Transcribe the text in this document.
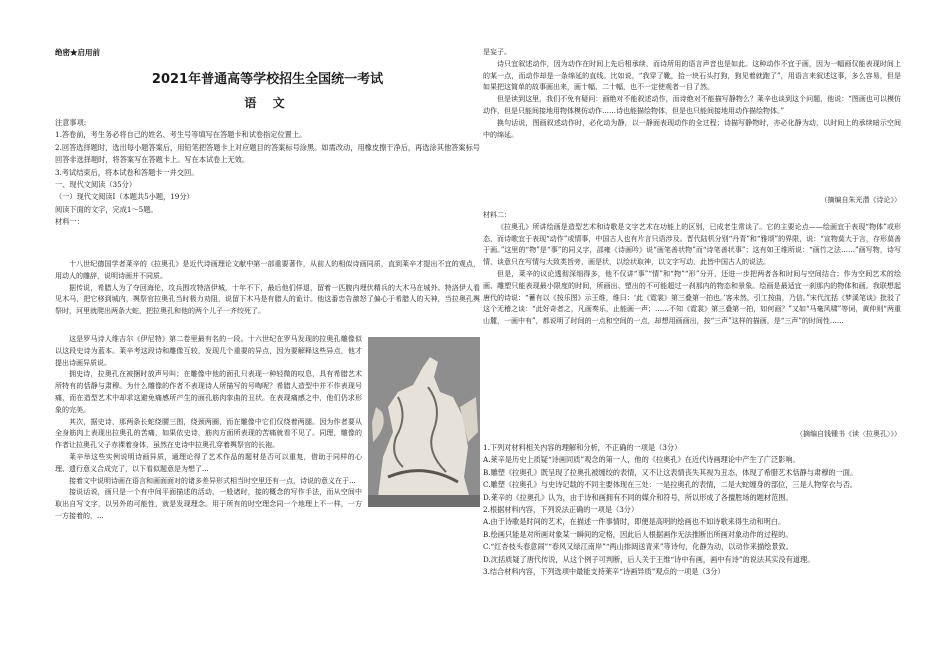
绝密★启用前
2021年普通高等学校招生全国统一考试
语 文

注意事项:

1.答卷前，考生务必将自己的姓名、考生号等填写在答题卡和试卷指定位置上。

2.回答选择题时，选出每小题答案后，用铅笔把答题卡上对应题目的答案标号涂黑。如需改动，用橡皮擦干净后，再选涂其他答案标号回答非选择题时，将答案写在答题卡上。写在本试卷上无效。

3.考试结束后，将本试卷和答题卡一并交回。

一、现代文阅读（35分）

（一）现代文阅读Ⅰ（本题共5小题，19分）

阅读下面的文字，完成1～5题。

材料一：

十八世纪德国学者莱辛的《拉奥孔》是近代诗画理论文献中第一部重要著作，从前人的相似诗画同质，直到莱辛才提出不宜的观点，用动人的雕辞，说明诗画并不同质。

据传说，希腊人为了夺回海伦，攻兵围攻特洛伊城，十年不下，最后他们佯退，留着一匹腹内埋伏精兵的大木马在城外。特洛伊人看见木马，把它移到城内，舆祭官拉奥孔当时极力劝阻，说留下木马是有腊人的诡计。他这番忠告激怒了偏心于希腊人的天神，当拉奥孔舆祭时，河里就爬出两条大蛇，把拉奥孔和他的两个儿子一齐绞死了。

这是罗马诗人维吉尔《伊尼特》第二卷里最有名的一段。十六世纪在罗马发现的拉奥孔雕像似以这段史诗为蓝本。莱辛考这段诗和雕像互较，发现几个重要的异点，因为要解释这些异点，他才提出诗画异质说。

拥史诗，拉奥孔在被捆时放声号叫；在雕像中他的面孔只表现一种轻微的叹息，具有希腊艺术所特有的恬静与肃穆。为什么雕像的作者不表现诗人所描写的号啕呢？希腊人造型中并不作表现号痛，而在造型艺术中却求这避免痛感所产生的面孔筋肉挛曲的丑状。在表现痛感之中，他们仍求形象的完美。

其次，据史诗，那两条长蛇绕腰三围，绕颈两圈，而在雕像中它们仅绕着两腿。因为作者要从全身筋肉上表现出拉奥孔的苦痛，如果依史诗，筋肉方面所表现的苦痛就看不见了。同理，雕像的作者让拉奥孔父子赤裸着身体，虽然在史诗中拉奥孔穿着舆祭官的长袍。

莱辛举这些实例说明诗画异质，通理论得了艺术作品的题材是否可以重复，借助于同样的心理、遗行意义合成完了，以下看似题意是为想了...

接着文中说明诗画在语言和画面面对的诸多差异形式相当时空里还有一点，诗说的意义在于...

接说话说，画只是一个有中间平面描述的活动，一般诸时，接的概念的写作手法，而从空间中取出自写文字，以另外的可能性，就是发现理念。用于所有的时空理念同一个地理上不一样，一方一方接着的，...

是妄子。

诗只宜叙述动作，因为动作在时间上先后相承续，而诗所用的语言声音也是如此。这种动作不宜于画，因为一幅画仅能表现时间上的某一点，而动作却是一条绵延的直线。比如说，“我穿了靴，拾一块石头打狗，狗见着就跑了”，用语言来叙述这事，多么容易，但是如果把这简单的故事画出来，画十幅、二十幅，也不一定使观者一目了然。

但是读到这里，我们不免有疑问：画绝对不能叙述动作，而诗绝对不能描写静物么？莱辛也谈到这个问题，他说：“图画也可以模仿动作，但是只能间接地用物体模仿动作……诗也能描绘物体，但是也只能间接地用动作描绘物体。”

换句话说，图画叙述动作时，必化动为静，以一静面表现动作的全过程；诗描写静物时，亦必化静为动，以时间上的承续暗示空间中的绵延。

（摘编自朱光潜《诗论》）

材料二：

《拉奥孔》所讲绘画是造型艺术和诗歌是文字艺术在功能上的区别，已成老生常谈了。它的主要论点——绘画宜于表现“物体”或形态，而诗歌宜于表现“动作”或情事，中国古人也有片言只语涉及。晋代陆机分别“丹青”和“雅颂”的界限，说：“宣物莫大于言，存形莫善于画。”这里的“物”是“事”的同义字，邵雍《诗画吟》说“画笔善状物”而“诗笔善状事”；这有如王维所说：“画竹之法……”画写物，诗写情，谈意只在写情与大致类旨旁，画是状，以绘状取神，以文字写动，此皆中国古人的说法。

但是，莱辛的议论透彻深细得多，他不仅讲“事”“情”和“物”“形”分开，还进一步把两者各和时间与空间结合；作为空间艺术的绘画、雕塑只能表现最小限度的时间，所画出、塑出的不可能超过一刹那内的物态和景象。绘画是最适宜一刹那内的物体和画。我联想起唐代的诗说：“蓄有以《按乐图》示王维，维曰：‘此《霓裳》第三叠第一拍也。’客未然，引工按曲，乃信。”宋代沈括《梦溪笔谈》批驳了这个无稽之谈：“此好奇者之，凡画奏乐，止能画一声；……不知《霓裳》第三叠第一拍，如何画？”又如“马毫风啸”等词，黄仲则“两重山麓，一画中有”，都说明了时间的一点和空间的一点，却想用画画出，按“三声”这样的描画，是“三声”的时间性……

（摘编自钱锺书《读〈拉奥孔〉》）

1.下列对材料相关内容的理解和分析，不正确的一项是（3分）

A.莱辛是历史上质疑“诗画同质”观念的第一人，他的《拉奥孔》在近代诗画理论中产生了广泛影响。

B.雕塑《拉奥孔》既呈现了拉奥孔被缠绞的表情，又不让这表情丧失其视为丑态，体现了希腊艺术恬静与肃穆的一面。

C.雕塑《拉奥孔》与史诗记载的不同主要体现在三处：一是拉奥孔的表情，二是大蛇缠身的部位，三是人物穿衣与否。

D.莱辛的《拉奥孔》认为，由于诗和画拥有不同的媒介和符号，所以形成了各擅胜场的题材范围。

2.根据材料内容，下列说法正确的一项是（3分）

A.由于诗歌是时间的艺术，在描述一件事情时，即便是高明的绘画也不如诗歌来得生动和明白。

B.绘画只能是对所画对象某一瞬间的定格，因此后人根据画作无法推断出所画对象动作的过程的。

C.“红杏枝头春意闹”“春风又绿江南岸”“两山排闼送青来”等诗句，化静为动，以动作来描绘景致。

D.沈括质疑了唐代传说，从这个例子可判断，后人关于王维“诗中有画，画中有诗”的说法其实没有道理。

3.结合材料内容，下列选项中最能支持莱辛“诗画异质”观点的一项是（3分）
